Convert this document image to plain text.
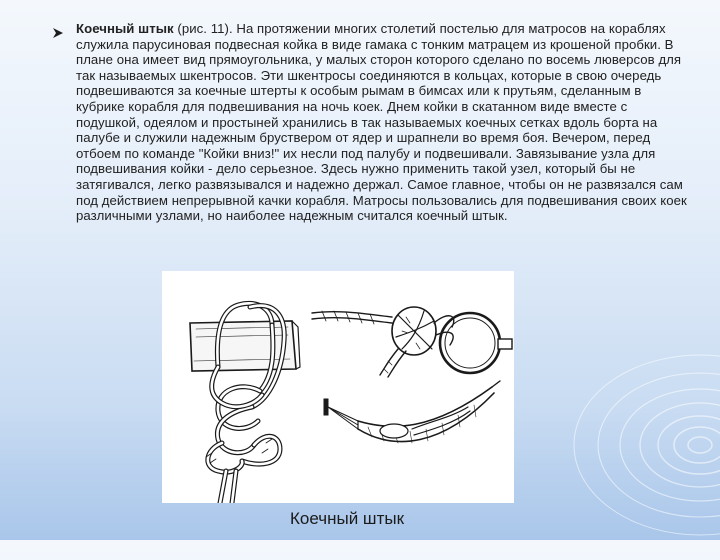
Коечный штык (рис. 11). На протяжении многих столетий постелью для матросов на кораблях служила парусиновая подвесная койка в виде гамака с тонким матрацем из крошеной пробки. В плане она имеет вид прямоугольника, у малых сторон которого сделано по восемь люверсов для так называемых шкентросов. Эти шкентросы соединяются в кольцах, которые в свою очередь подвешиваются за коечные штерты к особым рымам в бимсах или к прутьям, сделанным в кубрике корабля для подвешивания на ночь коек. Днем койки в скатанном виде вместе с подушкой, одеялом и простыней хранились в так называемых коечных сетках вдоль борта на палубе и служили надежным бруствером от ядер и шрапнели во время боя. Вечером, перед отбоем по команде "Койки вниз!" их несли под палубу и подвешивали. Завязывание узла для подвешивания койки - дело серьезное. Здесь нужно применить такой узел, который бы не затягивался, легко развязывался и надежно держал. Самое главное, чтобы он не развязался сам под действием непрерывной качки корабля. Матросы пользовались для подвешивания своих коек различными узлами, но наиболее надежным считался коечный штык.
Коечный штык
